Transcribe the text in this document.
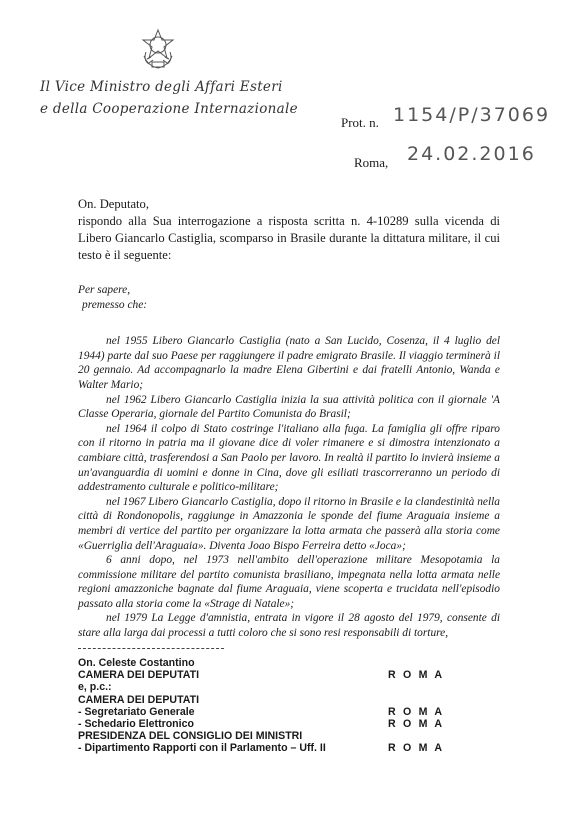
Il Vice Ministro degli Affari Esteri
e della Cooperazione Internazionale
Prot. n. 1154/P/37069
Roma, 24.02.2016

On. Deputato,

rispondo alla Sua interrogazione a risposta scritta n. 4-10289 sulla vicenda di Libero Giancarlo Castiglia, scomparso in Brasile durante la dittatura militare, il cui testo è il seguente:

Per sapere,
premesso che:

nel 1955 Libero Giancarlo Castiglia (nato a San Lucido, Cosenza, il 4 luglio del 1944) parte dal suo Paese per raggiungere il padre emigrato Brasile. Il viaggio terminerà il 20 gennaio. Ad accompagnarlo la madre Elena Gibertini e dai fratelli Antonio, Wanda e Walter Mario;

nel 1962 Libero Giancarlo Castiglia inizia la sua attività politica con il giornale 'A Classe Operaria, giornale del Partito Comunista do Brasil;

nel 1964 il colpo di Stato costringe l'italiano alla fuga. La famiglia gli offre riparo con il ritorno in patria ma il giovane dice di voler rimanere e si dimostra intenzionato a cambiare città, trasferendosi a San Paolo per lavoro. In realtà il partito lo invierà insieme a un'avanguardia di uomini e donne in Cina, dove gli esiliati trascorreranno un periodo di addestramento culturale e politico-militare;

nel 1967 Libero Giancarlo Castiglia, dopo il ritorno in Brasile e la clandestinità nella città di Rondonopolis, raggiunge in Amazzonia le sponde del fiume Araguaia insieme a membri di vertice del partito per organizzare la lotta armata che passerà alla storia come «Guerriglia dell'Araguaia». Diventa Joao Bispo Ferreira detto «Joca»;

6 anni dopo, nel 1973 nell'ambito dell'operazione militare Mesopotamia la commissione militare del partito comunista brasiliano, impegnata nella lotta armata nelle regioni amazzoniche bagnate dal fiume Araguaia, viene scoperta e trucidata nell'episodio passato alla storia come la «Strage di Natale»;

nel 1979 La Legge d'amnistia, entrata in vigore il 28 agosto del 1979, consente di stare alla larga dai processi a tutti coloro che si sono resi responsabili di torture,

On. Celeste Costantino
CAMERA DEI DEPUTATI	R O M A
e, p.c.:
CAMERA DEI DEPUTATI
- Segretariato Generale	R O M A
- Schedario Elettronico	R O M A
PRESIDENZA DEL CONSIGLIO DEI MINISTRI
- Dipartimento Rapporti con il Parlamento – Uff. II	R O M A
